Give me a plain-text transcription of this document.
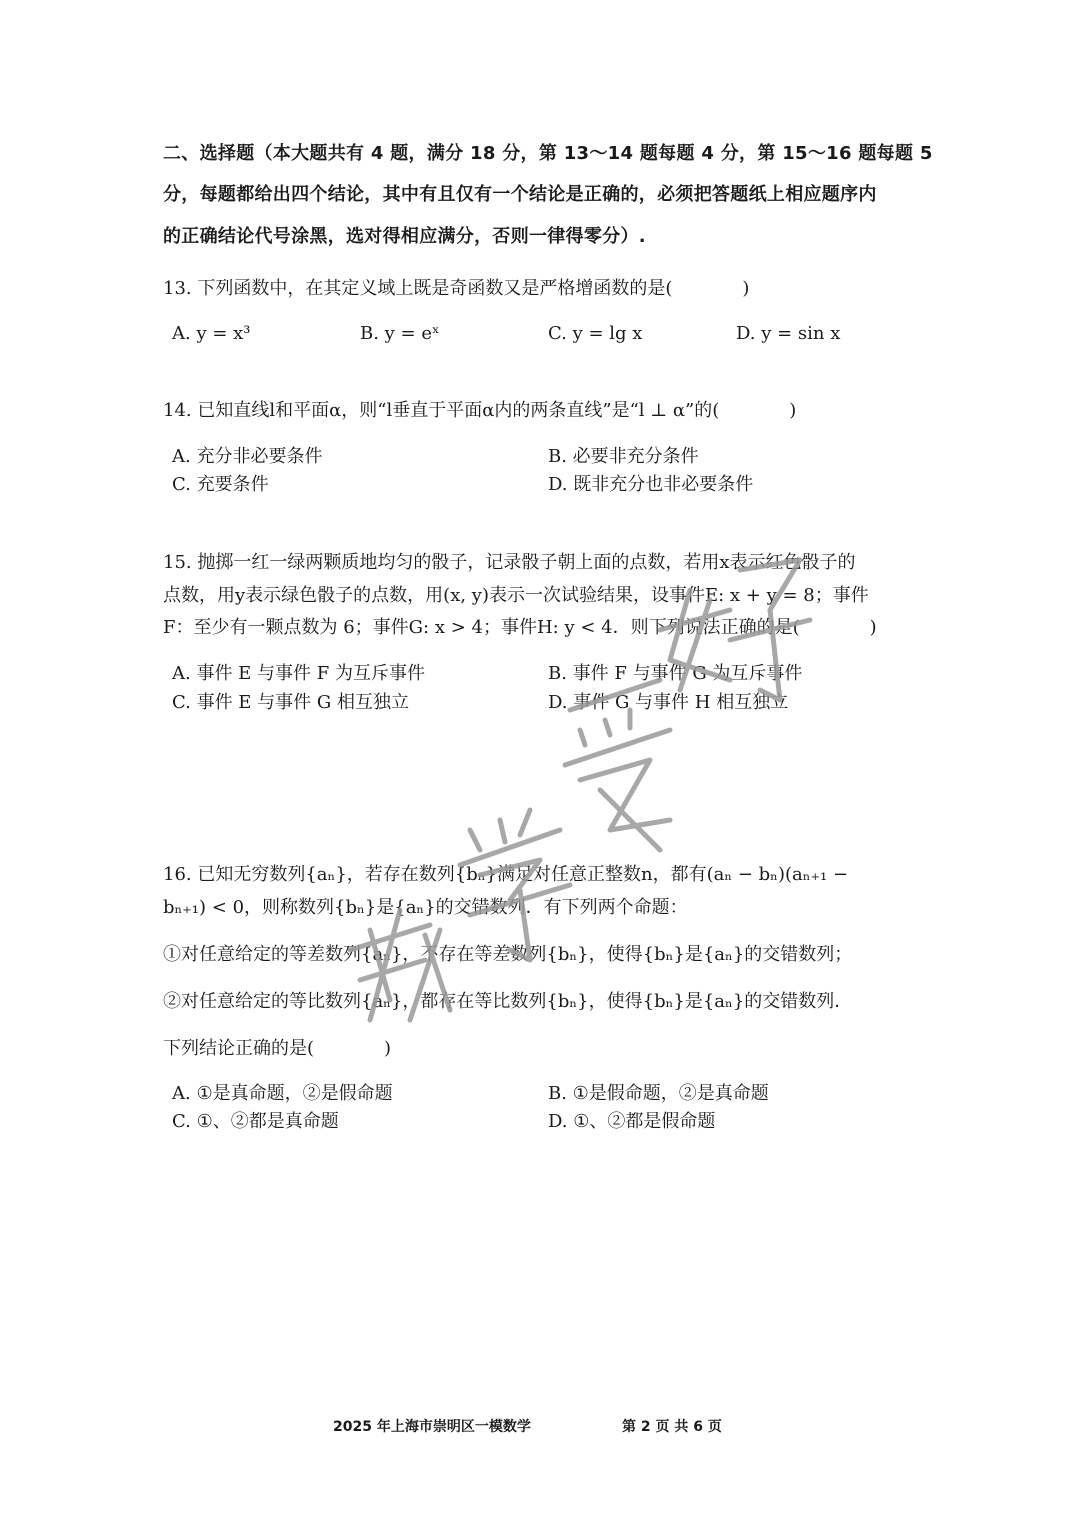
二、选择题（本大题共有 4 题，满分 18 分，第 13～14 题每题 4 分，第 15～16 题每题 5
分，每题都给出四个结论，其中有且仅有一个结论是正确的，必须把答题纸上相应题序内
的正确结论代号涂黑，选对得相应满分，否则一律得零分）.
13. 下列函数中，在其定义域上既是奇函数又是严格增函数的是(	)
A. y = x³	B. y = eˣ	C. y = lg x	D. y = sin x
14. 已知直线l和平面α，则“l垂直于平面α内的两条直线”是“l ⊥ α”的(	)
A. 充分非必要条件	B. 必要非充分条件
C. 充要条件	D. 既非充分也非必要条件
15. 抛掷一红一绿两颗质地均匀的骰子，记录骰子朝上面的点数，若用x表示红色骰子的
点数，用y表示绿色骰子的点数，用(x, y)表示一次试验结果，设事件E: x + y = 8；事件
F：至少有一颗点数为 6；事件G: x > 4；事件H: y < 4．则下列说法正确的是(	)
A. 事件 E 与事件 F 为互斥事件	B. 事件 F 与事件 G 为互斥事件
C. 事件 E 与事件 G 相互独立	D. 事件 G 与事件 H 相互独立
16. 已知无穷数列{aₙ}，若存在数列{bₙ}满足对任意正整数n，都有(aₙ − bₙ)(aₙ₊₁ −
bₙ₊₁) < 0，则称数列{bₙ}是{aₙ}的交错数列．有下列两个命题：
①对任意给定的等差数列{aₙ}，不存在等差数列{bₙ}，使得{bₙ}是{aₙ}的交错数列；
②对任意给定的等比数列{aₙ}，都存在等比数列{bₙ}，使得{bₙ}是{aₙ}的交错数列．
下列结论正确的是(	)
A. ①是真命题，②是假命题	B. ①是假命题，②是真命题
C. ①、②都是真命题	D. ①、②都是假命题
2025 年上海市崇明区一模数学	第 2 页 共 6 页
